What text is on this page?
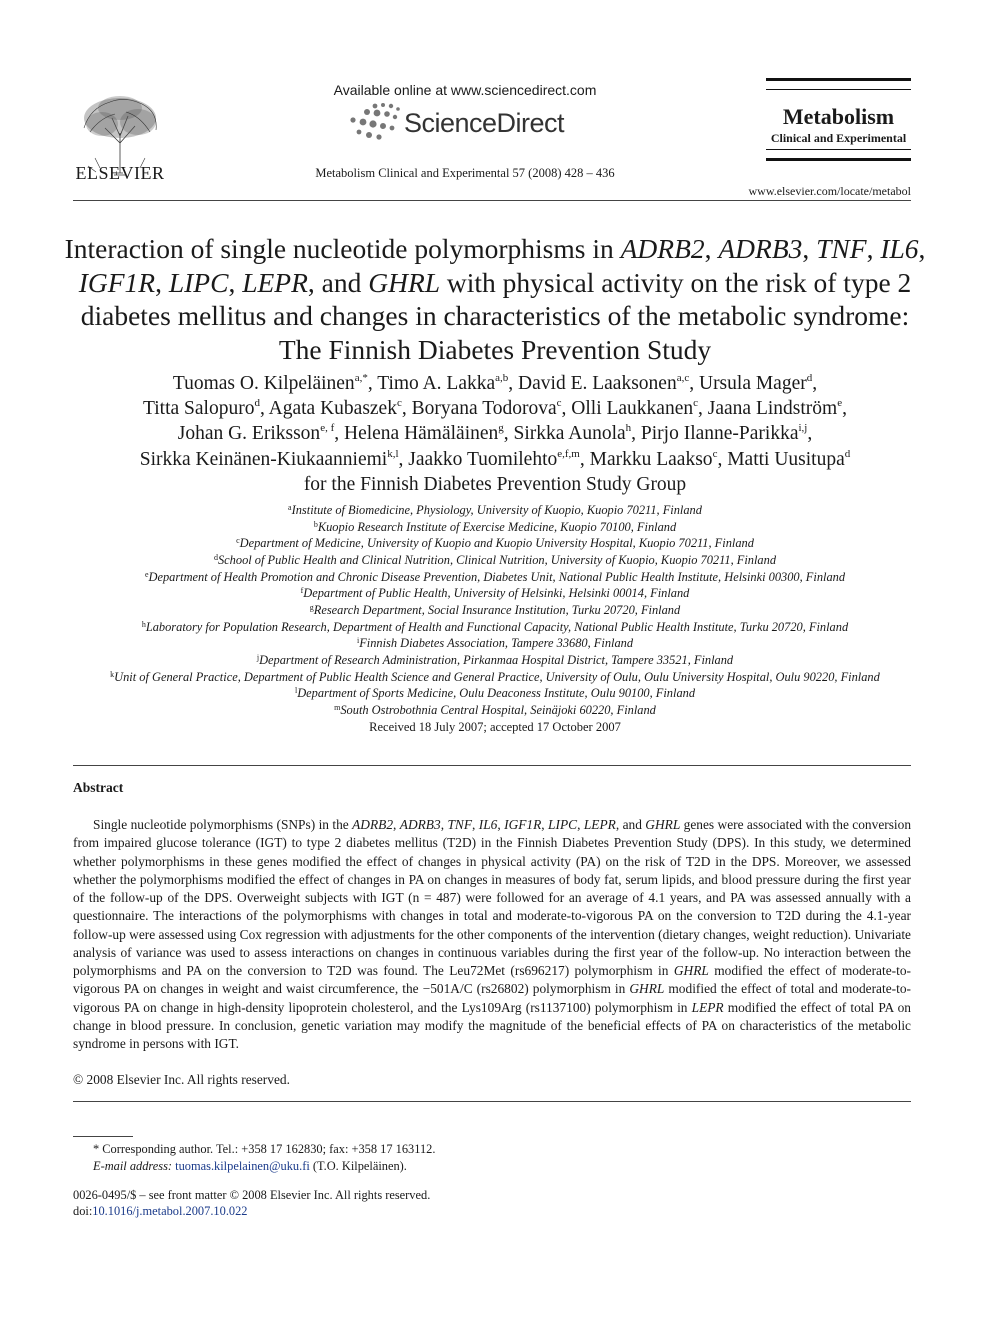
ELSEVIER
Available online at www.sciencedirect.com
ScienceDirect
Metabolism Clinical and Experimental 57 (2008) 428 – 436
Metabolism
Clinical and Experimental
www.elsevier.com/locate/metabol
Interaction of single nucleotide polymorphisms in ADRB2, ADRB3, TNF, IL6, IGF1R, LIPC, LEPR, and GHRL with physical activity on the risk of type 2 diabetes mellitus and changes in characteristics of the metabolic syndrome: The Finnish Diabetes Prevention Study
Tuomas O. Kilpeläinen$^{a,*}$, Timo A. Lakka$^{a,b}$, David E. Laaksonen$^{a,c}$, Ursula Mager$^d$,
Titta Salopuro$^d$, Agata Kubaszek$^c$, Boryana Todorova$^c$, Olli Laukkanen$^c$, Jaana Lindström$^e$,
Johan G. Eriksson$^{e, f}$, Helena Hämäläinen$^g$, Sirkka Aunola$^h$, Pirjo Ilanne-Parikka$^{i,j}$,
Sirkka Keinänen-Kiukaanniemi$^{k,l}$, Jaakko Tuomilehto$^{e,f,m}$, Markku Laakso$^c$, Matti Uusitupa$^d$
for the Finnish Diabetes Prevention Study Group
$^a$Institute of Biomedicine, Physiology, University of Kuopio, Kuopio 70211, Finland
$^b$Kuopio Research Institute of Exercise Medicine, Kuopio 70100, Finland
$^c$Department of Medicine, University of Kuopio and Kuopio University Hospital, Kuopio 70211, Finland
$^d$School of Public Health and Clinical Nutrition, Clinical Nutrition, University of Kuopio, Kuopio 70211, Finland
$^e$Department of Health Promotion and Chronic Disease Prevention, Diabetes Unit, National Public Health Institute, Helsinki 00300, Finland
$^f$Department of Public Health, University of Helsinki, Helsinki 00014, Finland
$^g$Research Department, Social Insurance Institution, Turku 20720, Finland
$^h$Laboratory for Population Research, Department of Health and Functional Capacity, National Public Health Institute, Turku 20720, Finland
$^i$Finnish Diabetes Association, Tampere 33680, Finland
$^j$Department of Research Administration, Pirkanmaa Hospital District, Tampere 33521, Finland
$^k$Unit of General Practice, Department of Public Health Science and General Practice, University of Oulu, Oulu University Hospital, Oulu 90220, Finland
$^l$Department of Sports Medicine, Oulu Deaconess Institute, Oulu 90100, Finland
$^m$South Ostrobothnia Central Hospital, Seinäjoki 60220, Finland
Received 18 July 2007; accepted 17 October 2007
Abstract
Single nucleotide polymorphisms (SNPs) in the ADRB2, ADRB3, TNF, IL6, IGF1R, LIPC, LEPR, and GHRL genes were associated with the conversion from impaired glucose tolerance (IGT) to type 2 diabetes mellitus (T2D) in the Finnish Diabetes Prevention Study (DPS). In this study, we determined whether polymorphisms in these genes modified the effect of changes in physical activity (PA) on the risk of T2D in the DPS. Moreover, we assessed whether the polymorphisms modified the effect of changes in PA on changes in measures of body fat, serum lipids, and blood pressure during the first year of the follow-up of the DPS. Overweight subjects with IGT (n = 487) were followed for an average of 4.1 years, and PA was assessed annually with a questionnaire. The interactions of the polymorphisms with changes in total and moderate-to-vigorous PA on the conversion to T2D during the 4.1-year follow-up were assessed using Cox regression with adjustments for the other components of the intervention (dietary changes, weight reduction). Univariate analysis of variance was used to assess interactions on changes in continuous variables during the first year of the follow-up. No interaction between the polymorphisms and PA on the conversion to T2D was found. The Leu72Met (rs696217) polymorphism in GHRL modified the effect of moderate-to-vigorous PA on changes in weight and waist circumference, the −501A/C (rs26802) polymorphism in GHRL modified the effect of total and moderate-to-vigorous PA on change in high-density lipoprotein cholesterol, and the Lys109Arg (rs1137100) polymorphism in LEPR modified the effect of total PA on change in blood pressure. In conclusion, genetic variation may modify the magnitude of the beneficial effects of PA on characteristics of the metabolic syndrome in persons with IGT.
© 2008 Elsevier Inc. All rights reserved.
* Corresponding author. Tel.: +358 17 162830; fax: +358 17 163112.
E-mail address: tuomas.kilpelainen@uku.fi (T.O. Kilpeläinen).
0026-0495/$ – see front matter © 2008 Elsevier Inc. All rights reserved.
doi:10.1016/j.metabol.2007.10.022
